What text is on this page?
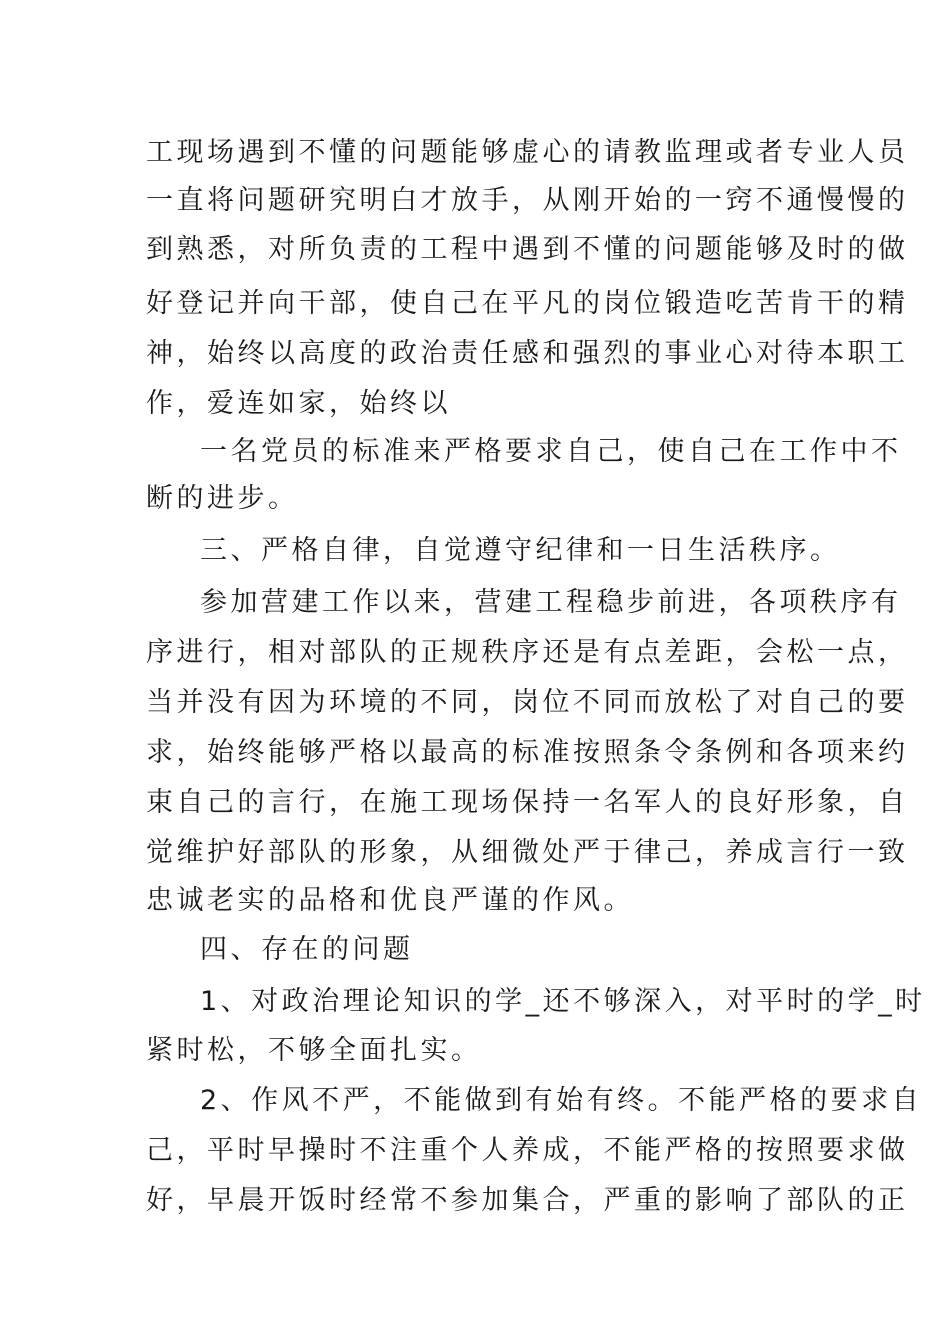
工现场遇到不懂的问题能够虚心的请教监理或者专业人员
一直将问题研究明白才放手，从刚开始的一窍不通慢慢的
到熟悉，对所负责的工程中遇到不懂的问题能够及时的做
好登记并向干部，使自己在平凡的岗位锻造吃苦肯干的精
神，始终以高度的政治责任感和强烈的事业心对待本职工
作，爱连如家，始终以
一名党员的标准来严格要求自己，使自己在工作中不
断的进步。
三、严格自律，自觉遵守纪律和一日生活秩序。
参加营建工作以来，营建工程稳步前进，各项秩序有
序进行，相对部队的正规秩序还是有点差距，会松一点，
当并没有因为环境的不同，岗位不同而放松了对自己的要
求，始终能够严格以最高的标准按照条令条例和各项来约
束自己的言行，在施工现场保持一名军人的良好形象，自
觉维护好部队的形象，从细微处严于律己，养成言行一致
忠诚老实的品格和优良严谨的作风。
四、存在的问题
1、对政治理论知识的学_还不够深入，对平时的学_时
紧时松，不够全面扎实。
2、作风不严，不能做到有始有终。不能严格的要求自
己，平时早操时不注重个人养成，不能严格的按照要求做
好，早晨开饭时经常不参加集合，严重的影响了部队的正
